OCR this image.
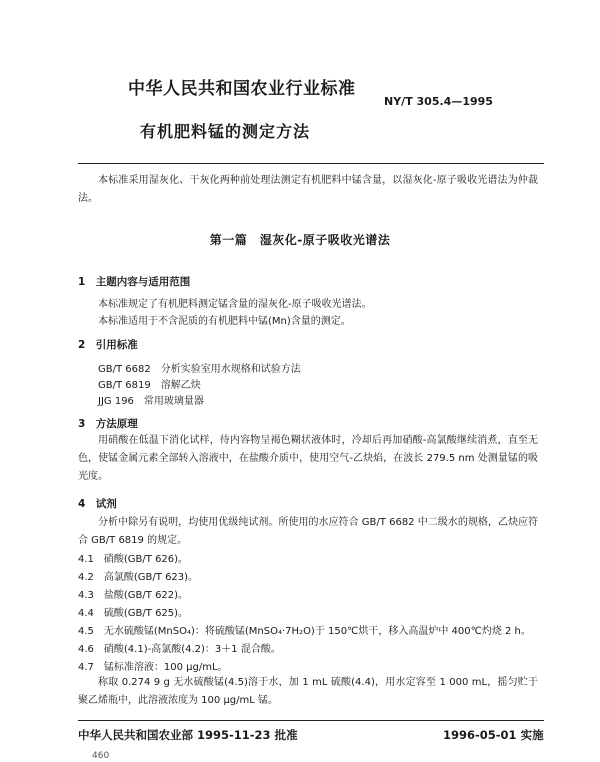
中华人民共和国农业行业标准
NY/T 305.4—1995
有机肥料锰的测定方法
本标准采用湿灰化、干灰化两种前处理法测定有机肥料中锰含量，以湿灰化-原子吸收光谱法为仲裁法。
第一篇　湿灰化-原子吸收光谱法
1　主题内容与适用范围
本标准规定了有机肥料测定锰含量的湿灰化-原子吸收光谱法。
本标准适用于不含泥质的有机肥料中锰(Mn)含量的测定。
2　引用标准
GB/T 6682　分析实验室用水规格和试验方法
GB/T 6819　溶解乙炔
JJG 196　常用玻璃量器
3　方法原理
用硝酸在低温下消化试样，待内容物呈褐色糊状液体时，冷却后再加硝酸-高氯酸继续消煮，直至无色，使锰金属元素全部转入溶液中，在盐酸介质中，使用空气-乙炔焰，在波长 279.5 nm 处测量锰的吸光度。
4　试剂
分析中除另有说明，均使用优级纯试剂。所使用的水应符合 GB/T 6682 中二级水的规格，乙炔应符合 GB/T 6819 的规定。
4.1　硝酸(GB/T 626)。
4.2　高氯酸(GB/T 623)。
4.3　盐酸(GB/T 622)。
4.4　硫酸(GB/T 625)。
4.5　无水硫酸锰(MnSO₄)：将硫酸锰(MnSO₄·7H₂O)于 150℃烘干，移入高温炉中 400℃灼烧 2 h。
4.6　硝酸(4.1)-高氯酸(4.2)：3＋1 混合酸。
4.7　锰标准溶液：100 μg/mL。
称取 0.274 9 g 无水硫酸锰(4.5)溶于水，加 1 mL 硫酸(4.4)，用水定容至 1 000 mL，摇匀贮于聚乙烯瓶中，此溶液浓度为 100 μg/mL 锰。
中华人民共和国农业部 1995-11-23 批准	1996-05-01 实施
460
